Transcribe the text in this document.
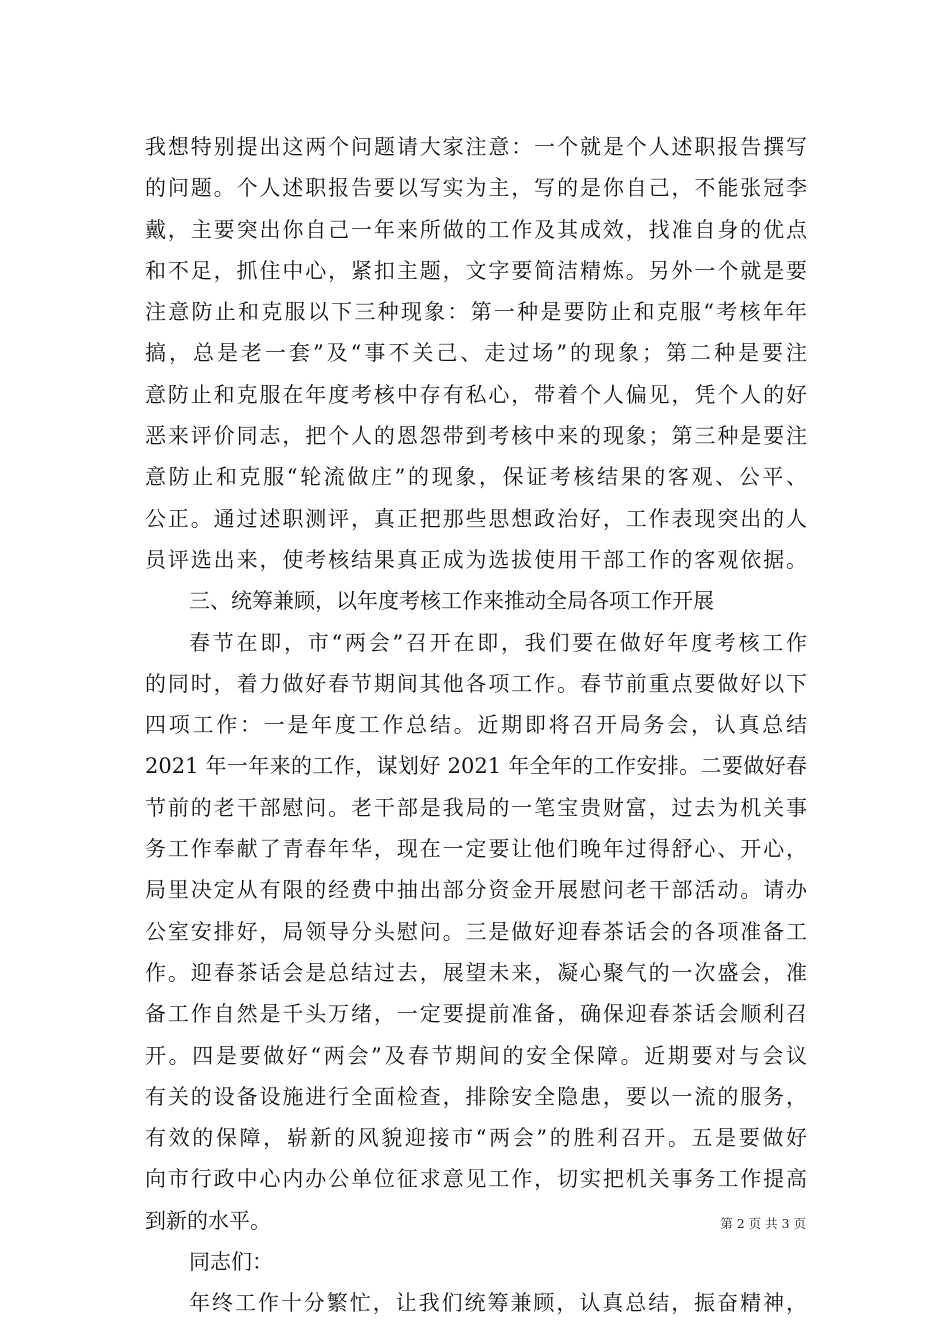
我想特别提出这两个问题请大家注意：一个就是个人述职报告撰写
的问题。个人述职报告要以写实为主，写的是你自己，不能张冠李
戴，主要突出你自己一年来所做的工作及其成效，找准自身的优点
和不足，抓住中心，紧扣主题，文字要简洁精炼。另外一个就是要
注意防止和克服以下三种现象：第一种是要防止和克服“考核年年
搞，总是老一套”及“事不关己、走过场”的现象；第二种是要注
意防止和克服在年度考核中存有私心，带着个人偏见，凭个人的好
恶来评价同志，把个人的恩怨带到考核中来的现象；第三种是要注
意防止和克服“轮流做庄”的现象，保证考核结果的客观、公平、
公正。通过述职测评，真正把那些思想政治好，工作表现突出的人
员评选出来，使考核结果真正成为选拔使用干部工作的客观依据。
三、统筹兼顾，以年度考核工作来推动全局各项工作开展
春节在即，市“两会”召开在即，我们要在做好年度考核工作
的同时，着力做好春节期间其他各项工作。春节前重点要做好以下
四项工作：一是年度工作总结。近期即将召开局务会，认真总结
2021 年一年来的工作，谋划好 2021 年全年的工作安排。二要做好春
节前的老干部慰问。老干部是我局的一笔宝贵财富，过去为机关事
务工作奉献了青春年华，现在一定要让他们晚年过得舒心、开心，
局里决定从有限的经费中抽出部分资金开展慰问老干部活动。请办
公室安排好，局领导分头慰问。三是做好迎春茶话会的各项准备工
作。迎春茶话会是总结过去，展望未来，凝心聚气的一次盛会，准
备工作自然是千头万绪，一定要提前准备，确保迎春茶话会顺利召
开。四是要做好“两会”及春节期间的安全保障。近期要对与会议
有关的设备设施进行全面检查，排除安全隐患，要以一流的服务，
有效的保障，崭新的风貌迎接市“两会”的胜利召开。五是要做好
向市行政中心内办公单位征求意见工作，切实把机关事务工作提高
到新的水平。
同志们：
年终工作十分繁忙，让我们统筹兼顾，认真总结，振奋精神，
第 2 页 共 3 页
